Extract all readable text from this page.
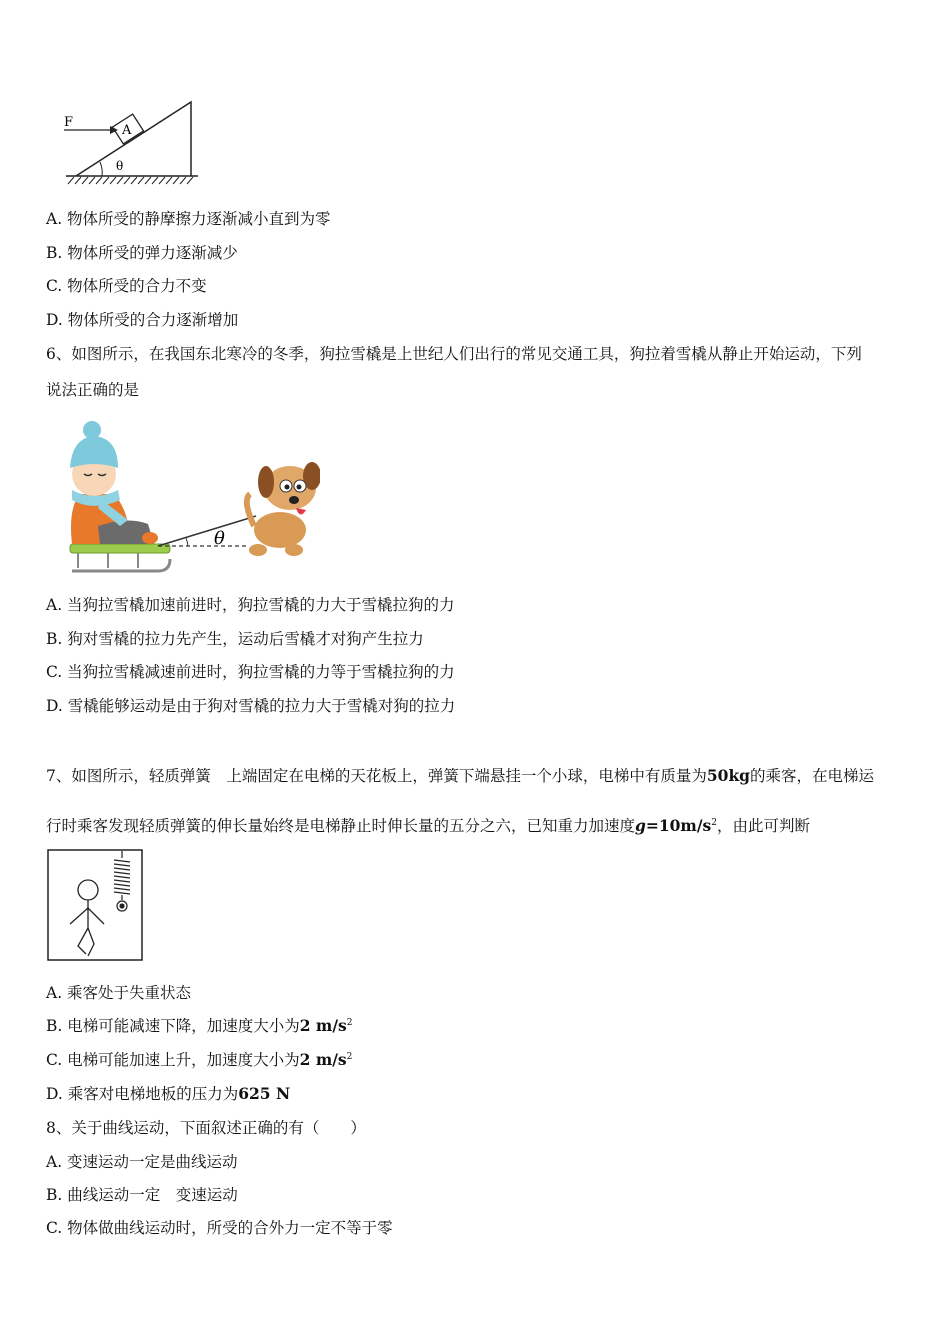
A
F
θ
A. 物体所受的静摩擦力逐渐减小直到为零
B. 物体所受的弹力逐渐减少
C. 物体所受的合力不变
D. 物体所受的合力逐渐增加
6、如图所示，在我国东北寒冷的冬季，狗拉雪橇是上世纪人们出行的常见交通工具，狗拉着雪橇从静止开始运动，下列
说法正确的是
θ
A. 当狗拉雪橇加速前进时，狗拉雪橇的力大于雪橇拉狗的力
B. 狗对雪橇的拉力先产生，运动后雪橇才对狗产生拉力
C. 当狗拉雪橇减速前进时，狗拉雪橇的力等于雪橇拉狗的力
D. 雪橇能够运动是由于狗对雪橇的拉力大于雪橇对狗的拉力
7、如图所示，轻质弹簧　上端固定在电梯的天花板上，弹簧下端悬挂一个小球，电梯中有质量为50kg的乘客，在电梯运
行时乘客发现轻质弹簧的伸长量始终是电梯静止时伸长量的五分之六，已知重力加速度$g=10m/s^2$，由此可判断
A. 乘客处于失重状态
B. 电梯可能减速下降，加速度大小为2 $m/s^2$
C. 电梯可能加速上升，加速度大小为2 $m/s^2$
D. 乘客对电梯地板的压力为625 N
8、关于曲线运动，下面叙述正确的有（　　）
A. 变速运动一定是曲线运动
B. 曲线运动一定　变速运动
C. 物体做曲线运动时，所受的合外力一定不等于零
